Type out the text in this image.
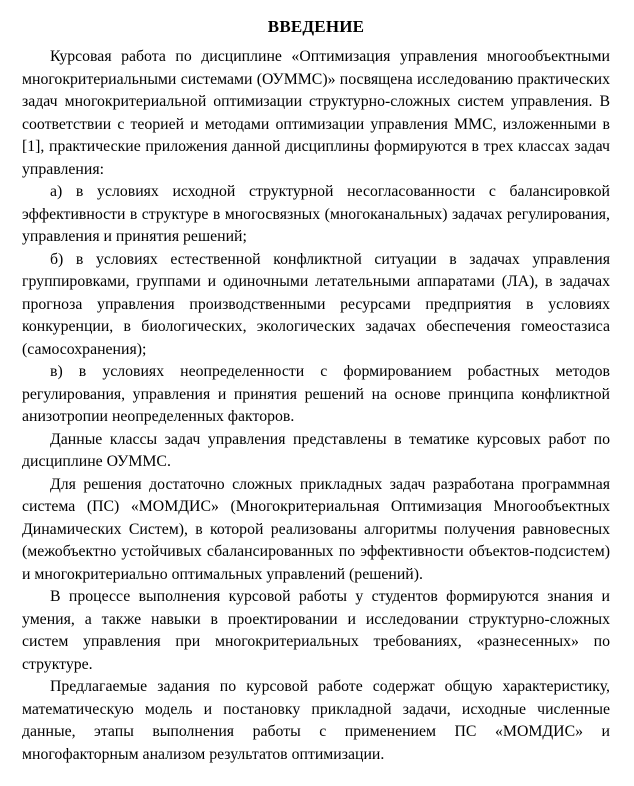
ВВЕДЕНИЕ

Курсовая работа по дисциплине «Оптимизация управления многообъектными многокритериальными системами (ОУММС)» посвящена исследованию практических задач многокритериальной оптимизации структурно-сложных систем управления. В соответствии с теорией и методами оптимизации управления ММС, изложенными в [1], практические приложения данной дисциплины формируются в трех классах задач управления:

а) в условиях исходной структурной несогласованности с балансировкой эффективности в структуре в многосвязных (многоканальных) задачах регулирования, управления и принятия решений;

б) в условиях естественной конфликтной ситуации в задачах управления группировками, группами и одиночными летательными аппаратами (ЛА), в задачах прогноза управления производственными ресурсами предприятия в условиях конкуренции, в биологических, экологических задачах обеспечения гомеостазиса (самосохранения);

в) в условиях неопределенности с формированием робастных методов регулирования, управления и принятия решений на основе принципа конфликтной анизотропии неопределенных факторов.

Данные классы задач управления представлены в тематике курсовых работ по дисциплине ОУММС.

Для решения достаточно сложных прикладных задач разработана программная система (ПС) «МОМДИС» (Многокритериальная Оптимизация Многообъектных Динамических Систем), в которой реализованы алгоритмы получения равновесных (межобъектно устойчивых сбалансированных по эффективности объектов-подсистем) и многокритериально оптимальных управлений (решений).

В процессе выполнения курсовой работы у студентов формируются знания и умения, а также навыки в проектировании и исследовании структурно-сложных систем управления при многокритериальных требованиях, «разнесенных» по структуре.

Предлагаемые задания по курсовой работе содержат общую характеристику, математическую модель и постановку прикладной задачи, исходные численные данные, этапы выполнения работы с применением ПС «МОМДИС» и многофакторным анализом результатов оптимизации.
